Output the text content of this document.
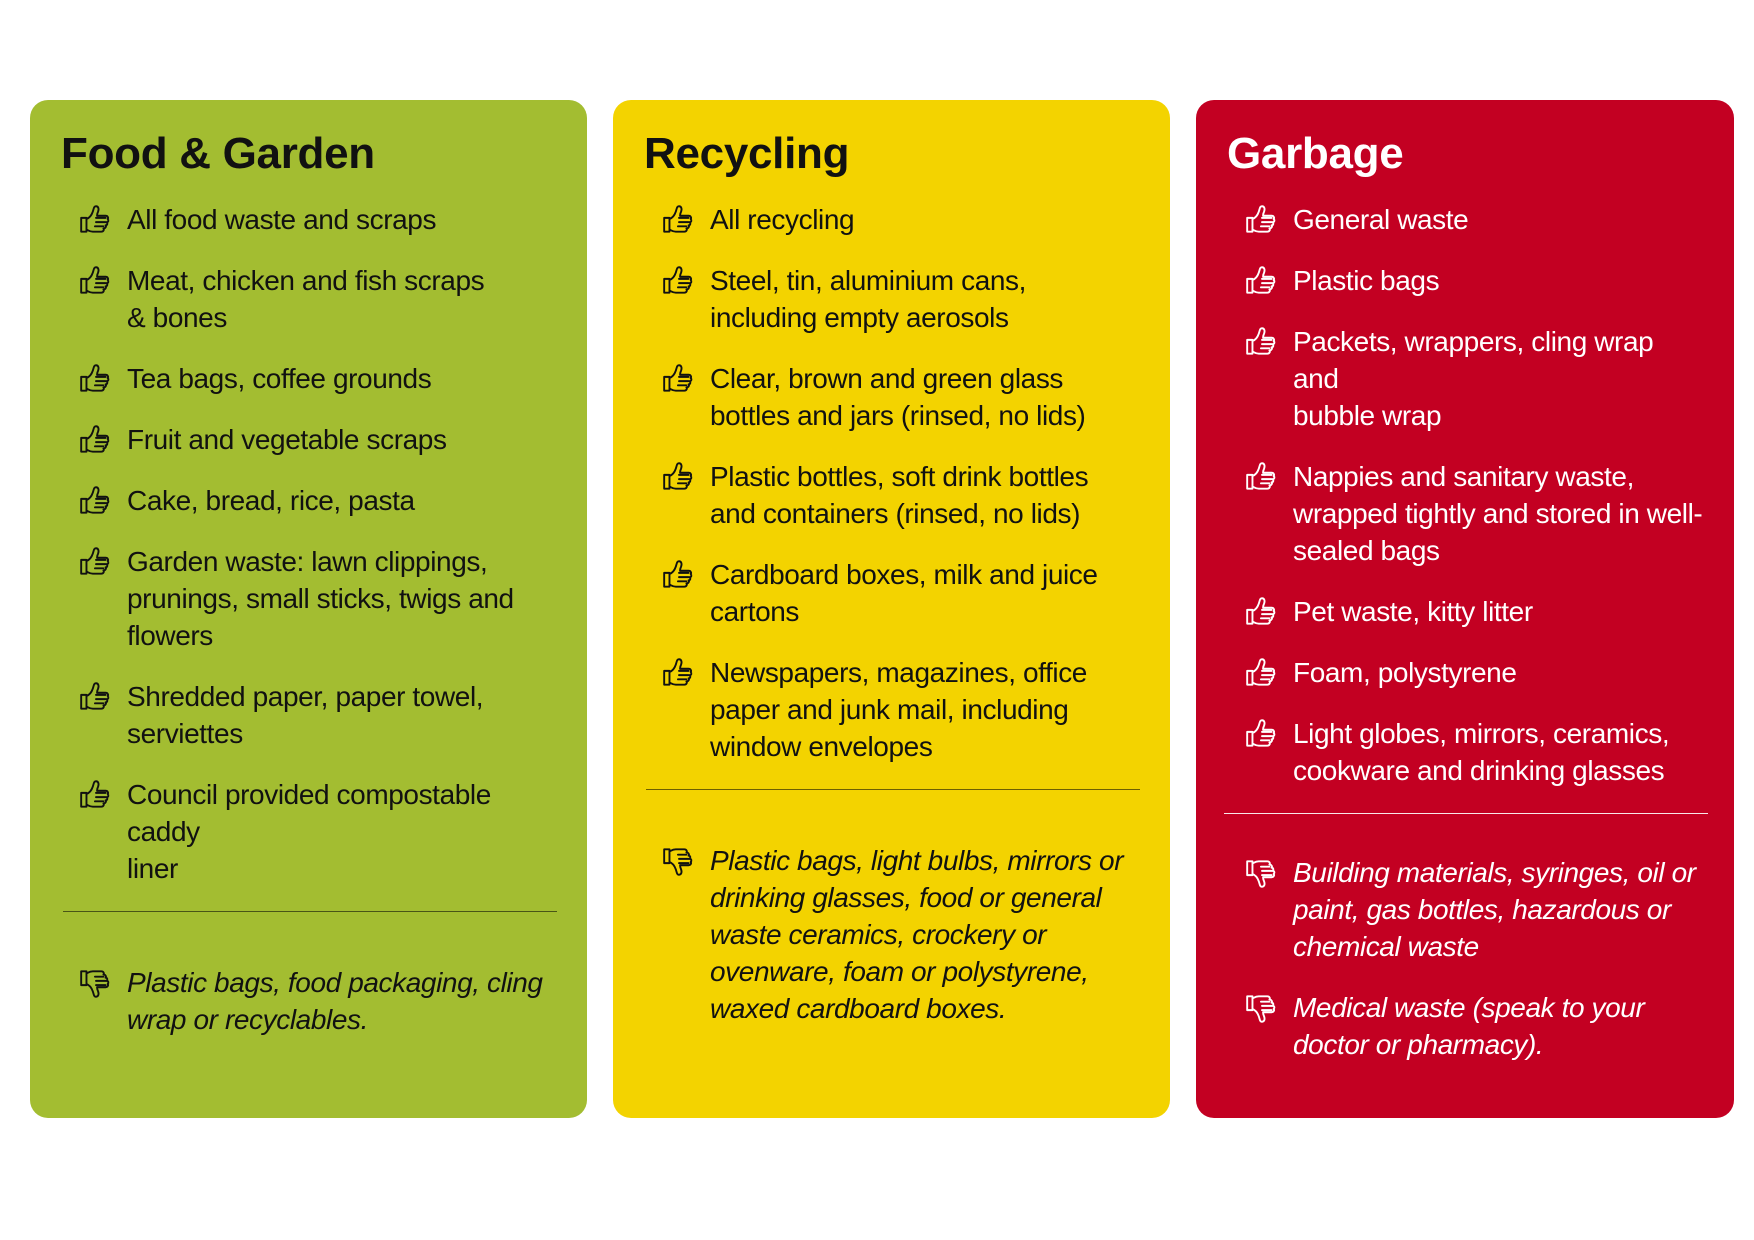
Food & Garden
All food waste and scraps
Meat, chicken and fish scraps
& bones
Tea bags, coffee grounds
Fruit and vegetable scraps
Cake, bread, rice, pasta
Garden waste: lawn clippings,
prunings, small sticks, twigs and
flowers
Shredded paper, paper towel,
serviettes
Council provided compostable caddy
liner
Plastic bags, food packaging, cling
wrap or recyclables.
Recycling
All recycling
Steel, tin, aluminium cans,
including empty aerosols
Clear, brown and green glass
bottles and jars (rinsed, no lids)
Plastic bottles, soft drink bottles
and containers (rinsed, no lids)
Cardboard boxes, milk and juice
cartons
Newspapers, magazines, office
paper and junk mail, including
window envelopes
Plastic bags, light bulbs, mirrors or
drinking glasses, food or general
waste ceramics, crockery or
ovenware, foam or polystyrene,
waxed cardboard boxes.
Garbage
General waste
Plastic bags
Packets, wrappers, cling wrap and
bubble wrap
Nappies and sanitary waste,
wrapped tightly and stored in well-
sealed bags
Pet waste, kitty litter
Foam, polystyrene
Light globes, mirrors, ceramics,
cookware and drinking glasses
Building materials, syringes, oil or
paint, gas bottles, hazardous or
chemical waste
Medical waste (speak to your
doctor or pharmacy).
